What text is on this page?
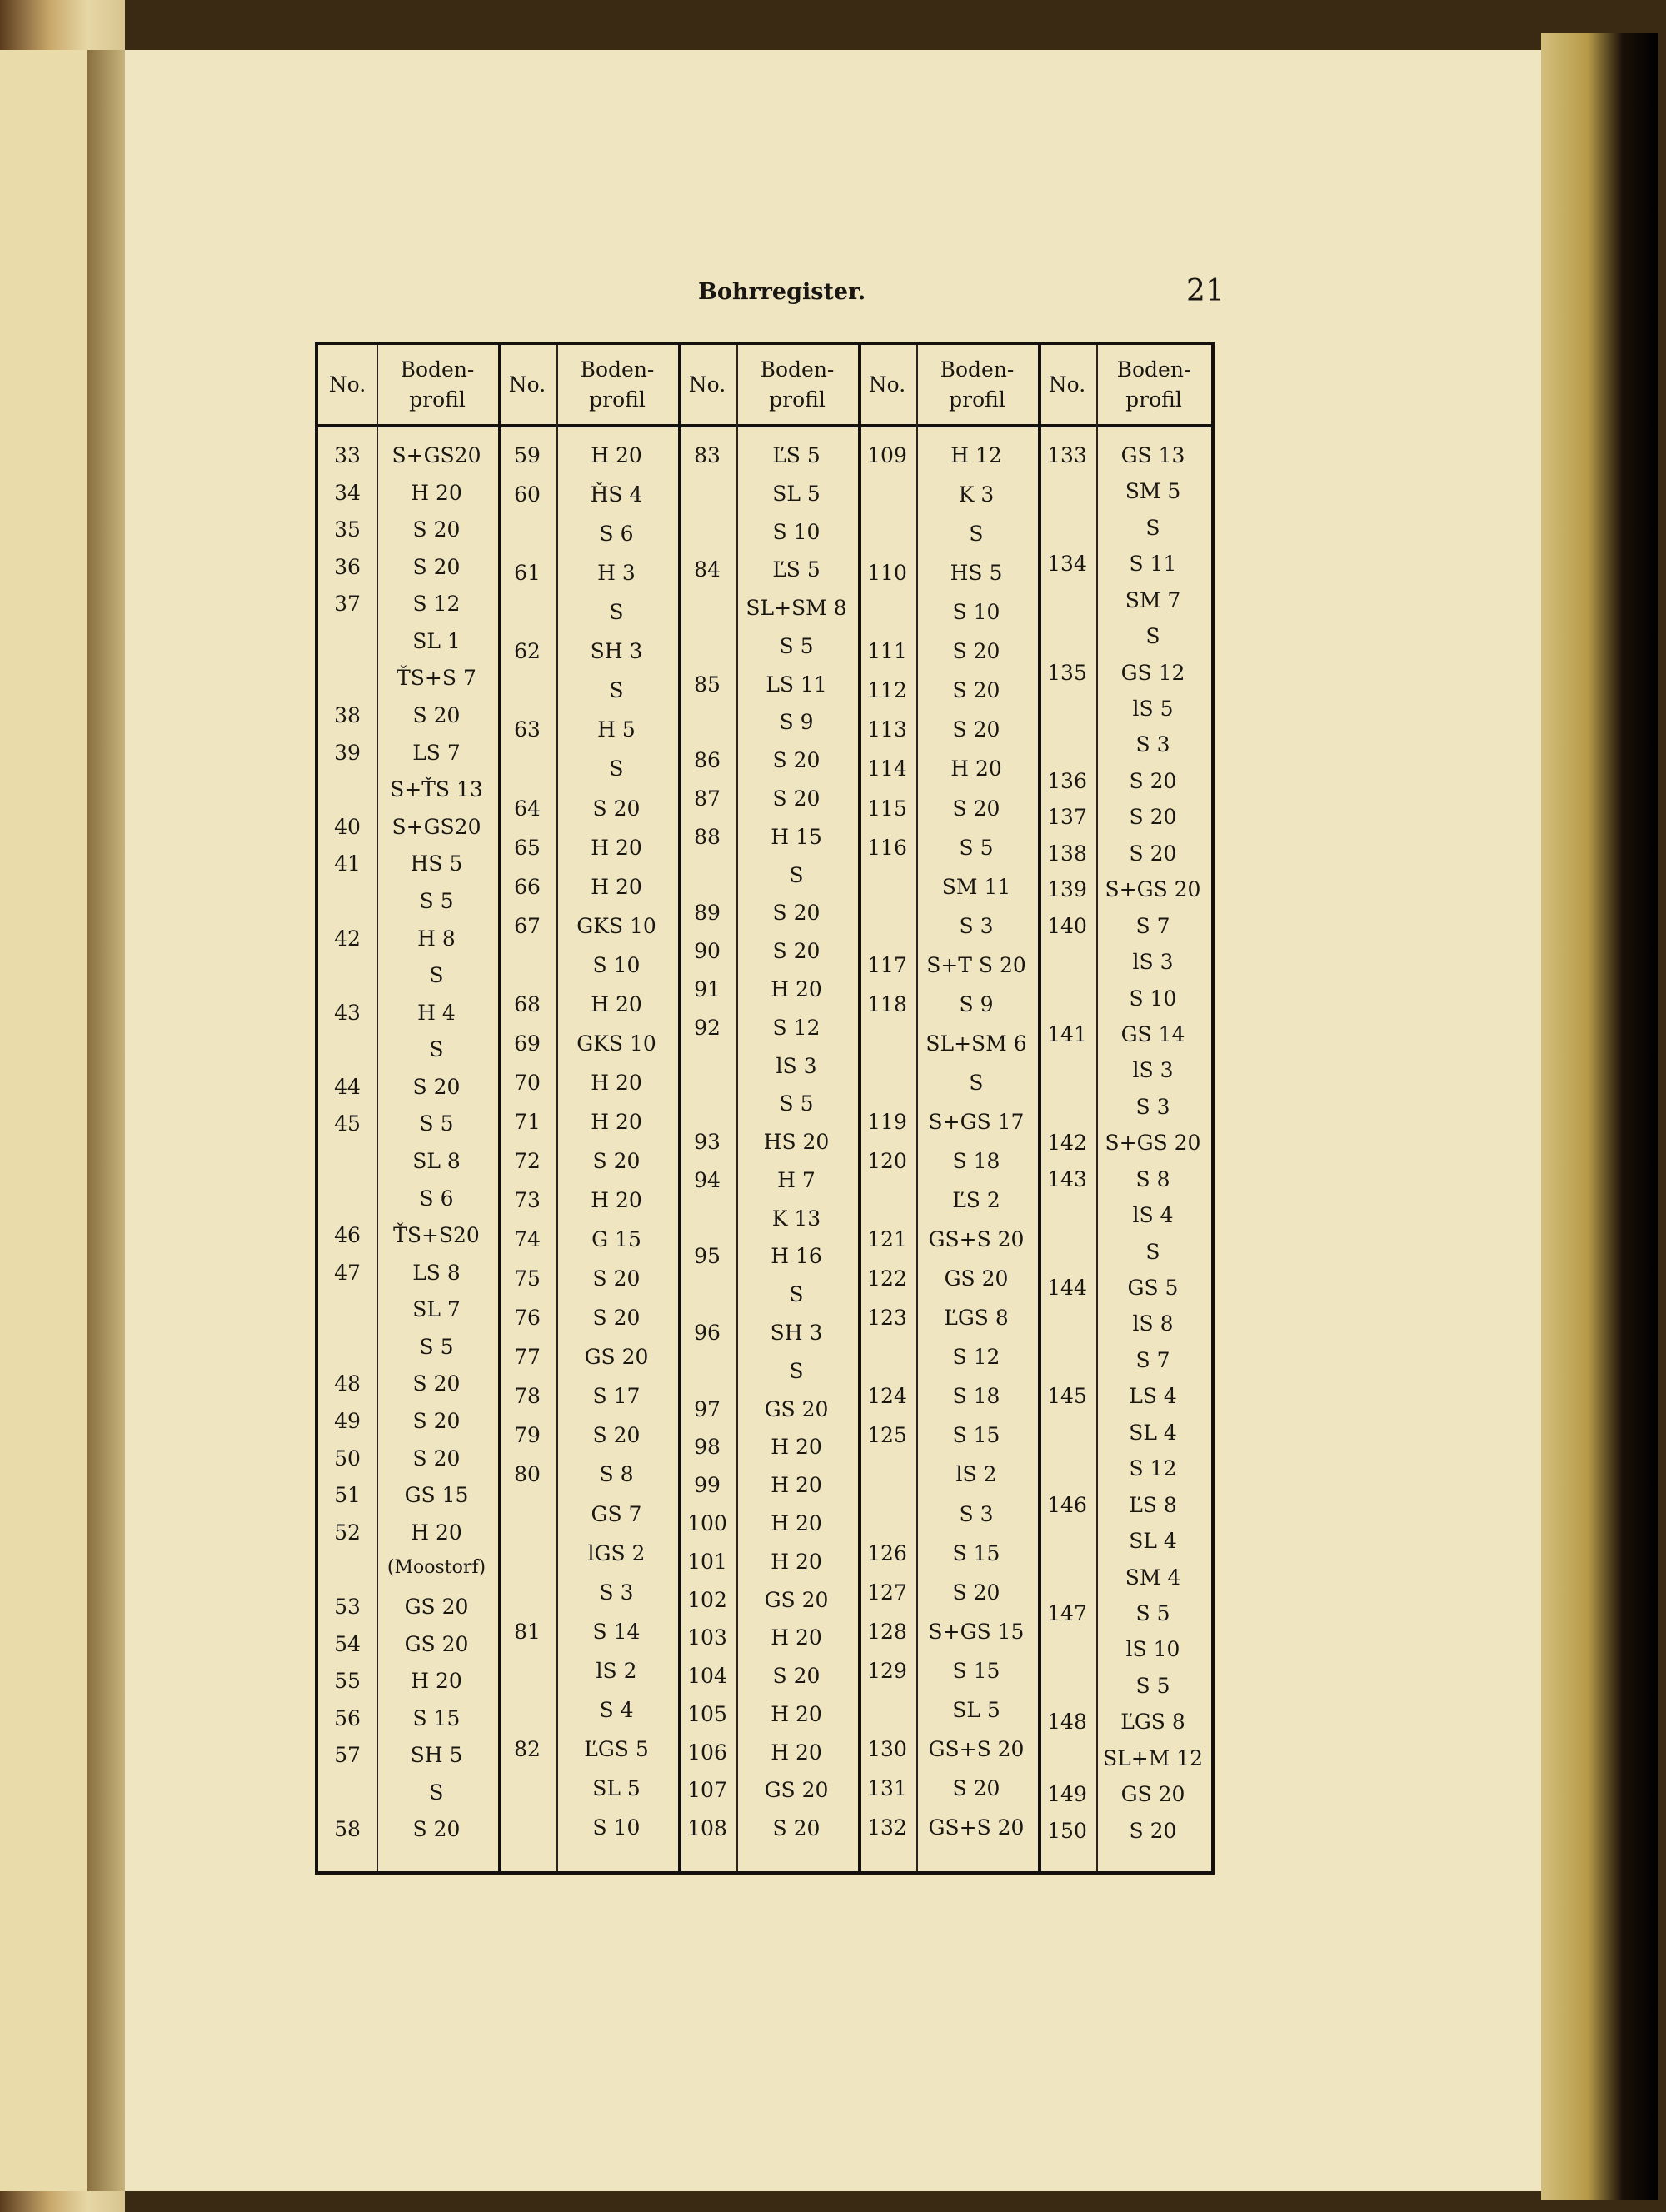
Bohrregister.	21
No.
Boden-
profil
33	S+GS20
34	H 20
35	S 20
36	S 20
37	S 12
SL 1
ŤS+S 7
38	S 20
39	LS 7
S+ŤS 13
40	S+GS20
41	HS 5
S 5
42	H 8
S
43	H 4
S
44	S 20
45	S 5
SL 8
S 6
46	ŤS+S20
47	LS 8
SL 7
S 5
48	S 20
49	S 20
50	S 20
51	GS 15
52	H 20
(Moostorf)
53	GS 20
54	GS 20
55	H 20
56	S 15
57	SH 5
S
58	S 20
No.
Boden-
profil
59	H 20
60	ȞS 4
S 6
61	H 3
S
62	SH 3
S
63	H 5
S
64	S 20
65	H 20
66	H 20
67	GKS 10
S 10
68	H 20
69	GKS 10
70	H 20
71	H 20
72	S 20
73	H 20
74	G 15
75	S 20
76	S 20
77	GS 20
78	S 17
79	S 20
80	S 8
GS 7
lGS 2
S 3
81	S 14
lS 2
S 4
82	ĽGS 5
SL 5
S 10
No.
Boden-
profil
83	ĽS 5
SL 5
S 10
84	ĽS 5
SL+SM 8
S 5
85	LS 11
S 9
86	S 20
87	S 20
88	H 15
S
89	S 20
90	S 20
91	H 20
92	S 12
lS 3
S 5
93	HS 20
94	H 7
K 13
95	H 16
S
96	SH 3
S
97	GS 20
98	H 20
99	H 20
100	H 20
101	H 20
102	GS 20
103	H 20
104	S 20
105	H 20
106	H 20
107	GS 20
108	S 20
No.
Boden-
profil
109	H 12
K 3
S
110	HS 5
S 10
111	S 20
112	S 20
113	S 20
114	H 20
115	S 20
116	S 5
SM 11
S 3
117 S+T S 20
118	S 9
SL+SM 6
S
119	S+GS 17
120	S 18
ĽS 2
121	GS+S 20
122	GS 20
123	ĽGS 8
S 12
124	S 18
125	S 15
lS 2
S 3
126	S 15
127	S 20
128	S+GS 15
129	S 15
SL 5
130	GS+S 20
131	S 20
132	GS+S 20
No.
Boden-
profil
133	GS 13
SM 5
S
134	S 11
SM 7
S
135	GS 12
lS 5
S 3
136	S 20
137	S 20
138	S 20
139 S+GS 20
140	S 7
lS 3
S 10
141	GS 14
lS 3
S 3
142 S+GS 20
143	S 8
lS 4
S
144	GS 5
lS 8
S 7
145	LS 4
SL 4
S 12
146	ĽS 8
SL 4
SM 4
147	S 5
lS 10
S 5
148	ĽGS 8
SL+M 12
149	GS 20
150	S 20
